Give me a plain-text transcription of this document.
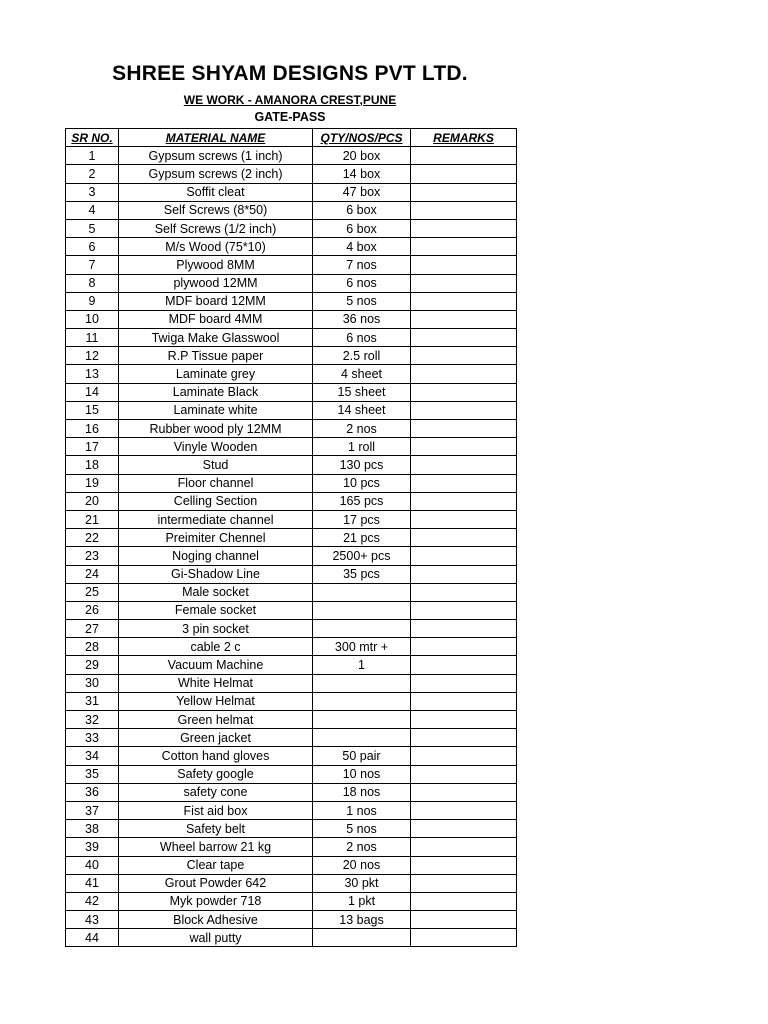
SHREE SHYAM DESIGNS PVT LTD.
WE WORK - AMANORA CREST,PUNE
GATE-PASS
SR NO.	MATERIAL NAME	QTY/NOS/PCS	REMARKS
1	Gypsum screws (1 inch)	20 box	
2	Gypsum screws (2 inch)	14 box	
3	Soffit cleat	47 box	
4	Self Screws (8*50)	6 box	
5	Self Screws (1/2 inch)	6 box	
6	M/s Wood (75*10)	4 box	
7	Plywood 8MM	7 nos	
8	plywood 12MM	6 nos	
9	MDF board 12MM	5 nos	
10	MDF board 4MM	36 nos	
11	Twiga Make Glasswool	6 nos	
12	R.P Tissue paper	2.5 roll	
13	Laminate grey	4 sheet	
14	Laminate Black	15 sheet	
15	Laminate white	14 sheet	
16	Rubber wood ply 12MM	2 nos	
17	Vinyle Wooden	1 roll	
18	Stud	130 pcs	
19	Floor channel	10 pcs	
20	Celling Section	165 pcs	
21	intermediate channel	17 pcs	
22	Preimiter Chennel	21 pcs	
23	Noging channel	2500+ pcs	
24	Gi-Shadow Line	35 pcs	
25	Male socket		
26	Female socket		
27	3 pin socket		
28	cable 2 c	300 mtr +	
29	Vacuum Machine	1	
30	White Helmat		
31	Yellow Helmat		
32	Green helmat		
33	Green jacket		
34	Cotton hand gloves	50 pair	
35	Safety google	10 nos	
36	safety cone	18 nos	
37	Fist aid box	1 nos	
38	Safety belt	5 nos	
39	Wheel barrow 21 kg	2 nos	
40	Clear tape	20 nos	
41	Grout Powder 642	30 pkt	
42	Myk powder 718	1 pkt	
43	Block Adhesive	13 bags	
44	wall putty		
